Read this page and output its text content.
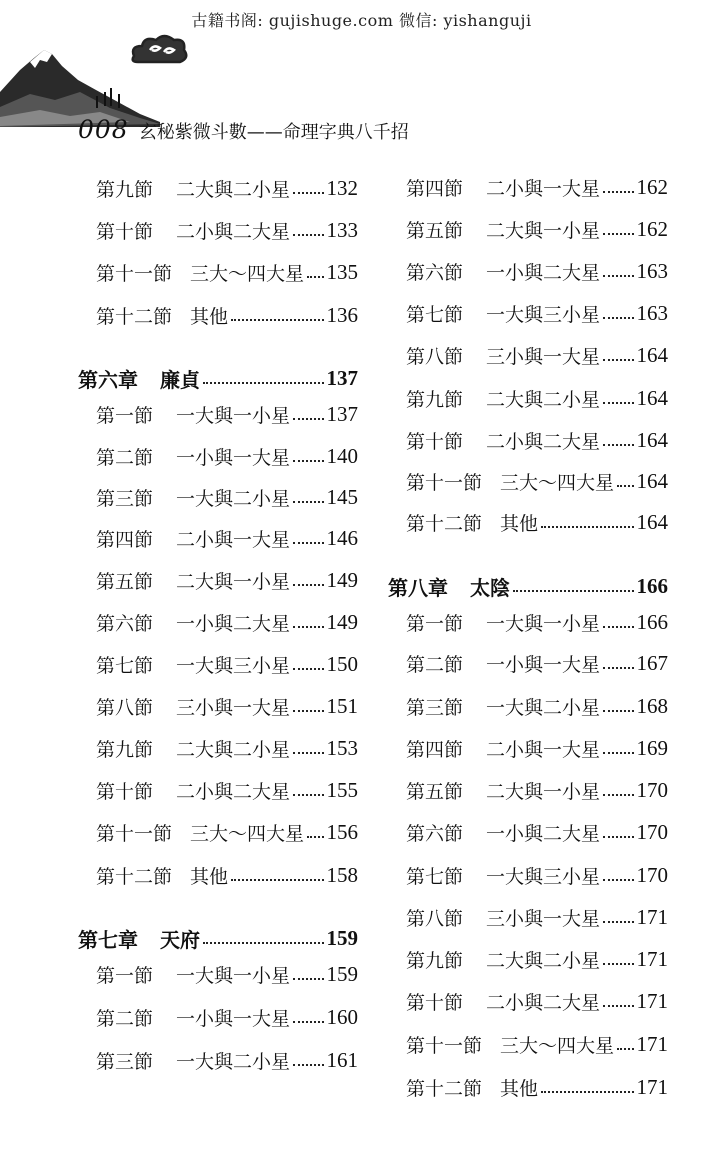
古籍书阁: gujishuge.com 微信: yishanguji
008 玄秘紫微斗數——命理字典八千招
第九節	二大與二小星 132
第十節	二小與二大星 133
第十一節 三大～四大星 135
第十二節 其他	136
第六章 廉貞	137
第一節	一大與一小星 137
第二節	一小與一大星 140
第三節	一大與二小星 145
第四節	二小與一大星 146
第五節	二大與一小星 149
第六節	一小與二大星 149
第七節	一大與三小星 150
第八節	三小與一大星 151
第九節	二大與二小星 153
第十節	二小與二大星 155
第十一節 三大～四大星 156
第十二節 其他	158
第七章 天府	159
第一節	一大與一小星 159
第二節	一小與一大星 160
第三節	一大與二小星 161
第四節	二小與一大星 162
第五節	二大與一小星 162
第六節	一小與二大星 163
第七節	一大與三小星 163
第八節	三小與一大星 164
第九節	二大與二小星 164
第十節	二小與二大星 164
第十一節 三大～四大星 164
第十二節 其他	164
第八章 太陰	166
第一節	一大與一小星 166
第二節	一小與一大星 167
第三節	一大與二小星 168
第四節	二小與一大星 169
第五節	二大與一小星 170
第六節	一小與二大星 170
第七節	一大與三小星 170
第八節	三小與一大星 171
第九節	二大與二小星 171
第十節	二小與二大星 171
第十一節 三大～四大星 171
第十二節 其他	171
